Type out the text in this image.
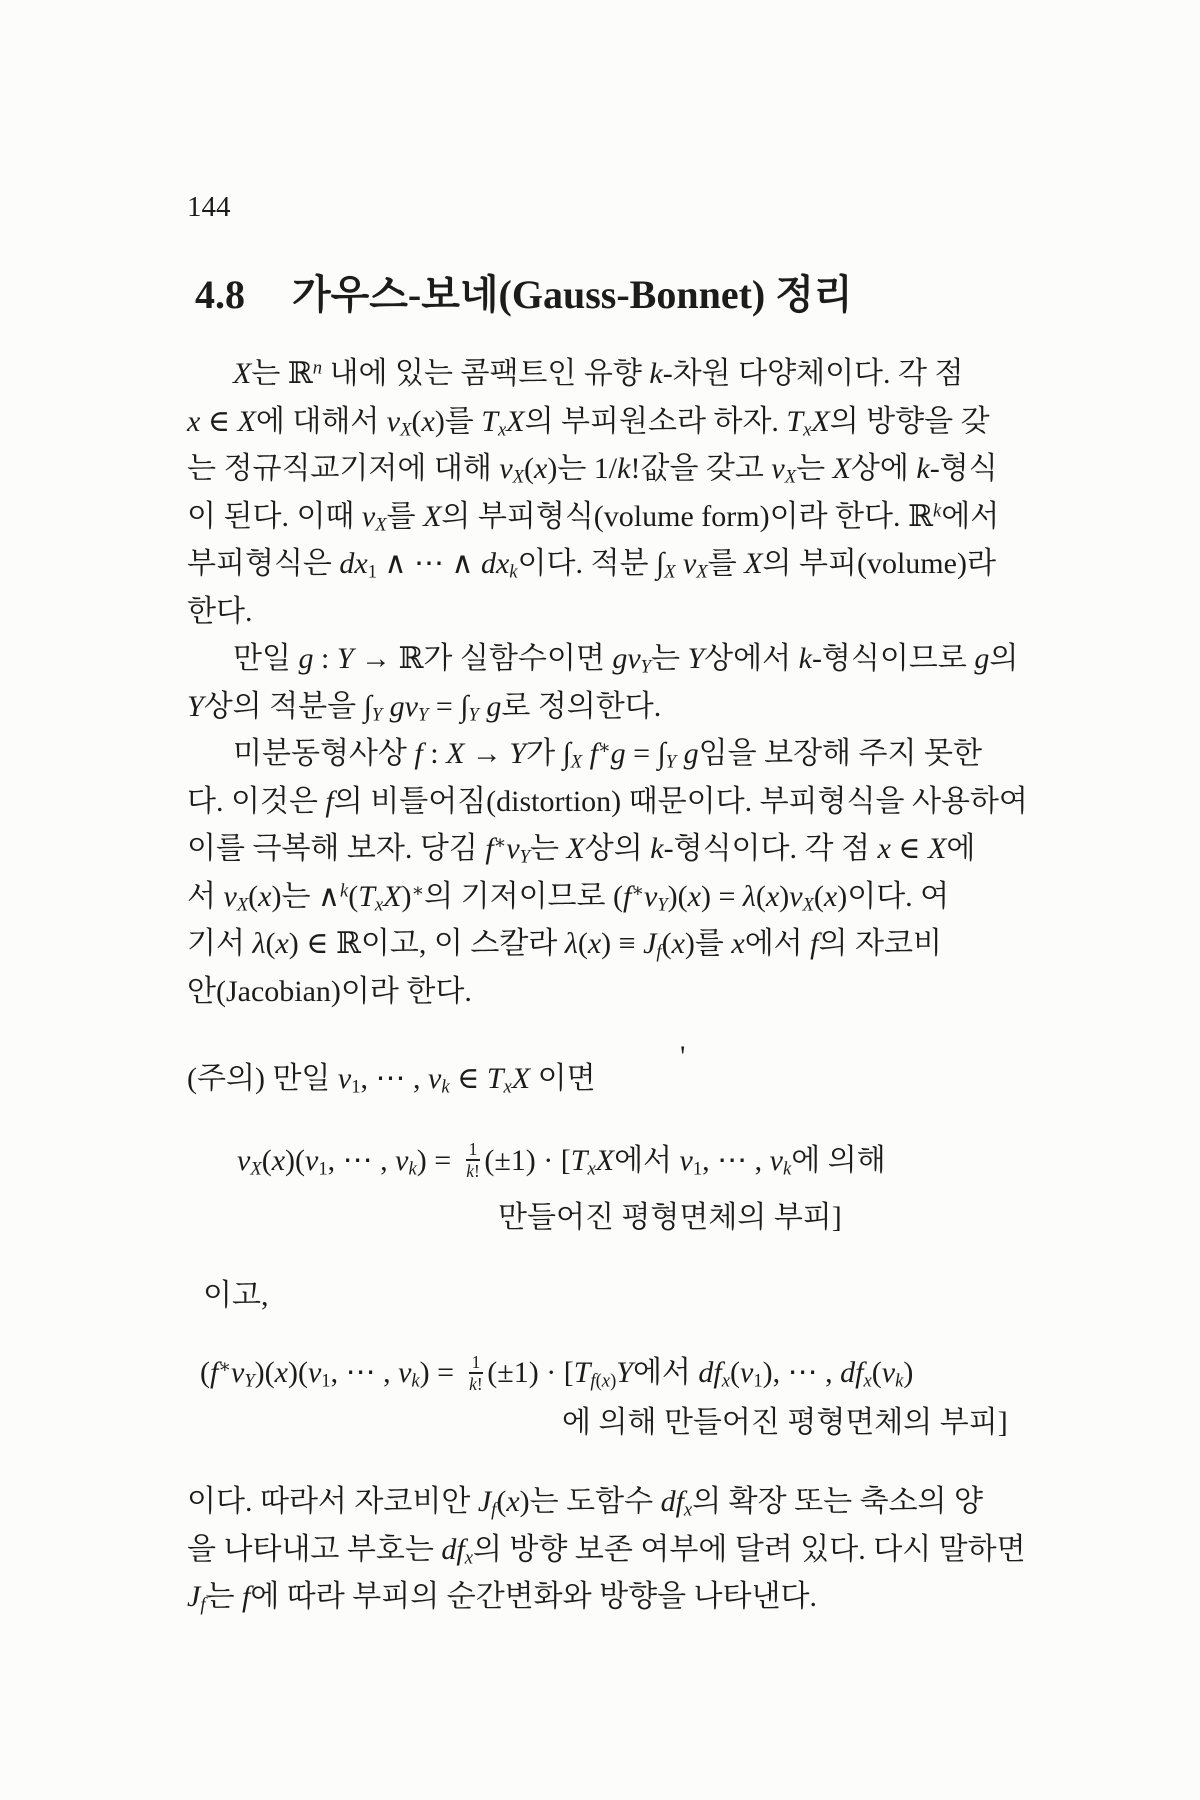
144
4.8 가우스-보네(Gauss-Bonnet) 정리
X는 ℝ$^n$ 내에 있는 콤팩트인 유향 k-차원 다양체이다. 각 점
x ∈ X에 대해서 $v_X(x)$를 $T_xX$의 부피원소라 하자. $T_xX$의 방향을 갖
는 정규직교기저에 대해 $v_X(x)$는 1/k!값을 갖고 $v_X$는 X상에 k-형식
이 된다. 이때 $v_X$를 X의 부피형식(volume form)이라 한다. ℝ$^k$에서
부피형식은 $dx_1$ ∧ ⋯ ∧ $dx_k$이다. 적분 $\int_X$ $v_X$를 X의 부피(volume)라
한다.
만일 g : Y → ℝ가 실함수이면 $gv_Y$는 Y상에서 k-형식이므로 g의
Y상의 적분을 $\int_Y$ $gv_Y = \int_Y$ g로 정의한다.
미분동형사상 f : X → Y가 $\int_X$ $f^∗g = \int_Y$ g임을 보장해 주지 못한
다. 이것은 f의 비틀어짐(distortion) 때문이다. 부피형식을 사용하여
이를 극복해 보자. 당김 $f^∗v_Y$는 X상의 k-형식이다. 각 점 x ∈ X에
서 $v_X(x)$는 $\wedge^k(T_xX)^∗$의 기저이므로 $(f^∗v_Y)(x) = \lambda(x)v_X(x)$이다. 여
기서 λ(x) ∈ ℝ이고, 이 스칼라 $\lambda(x) \equiv J_f(x)$를 x에서 f의 자코비
안(Jacobian)이라 한다.
(주의) 만일 $v_1$, ⋯ , $v_k$ ∈ $T_xX$ 이면
$v_X(x)(v_1$, ⋯ , $v_k) = \frac{1}{k!} (\pm 1) \cdot [T_xX$에서 $v_1$, ⋯ , $v_k$에 의해
만들어진 평형면체의 부피]
이고,
$(f^∗v_Y)(x)(v_1$, ⋯ , $v_k) = \frac{1}{k!} (\pm 1) \cdot [T_{f(x)}Y$에서 $df_x(v_1)$, ⋯ , $df_x(v_k)$
에 의해 만들어진 평형면체의 부피]
이다. 따라서 자코비안 $J_f(x)$는 도함수 $df_x$의 확장 또는 축소의 양
을 나타내고 부호는 $df_x$의 방향 보존 여부에 달려 있다. 다시 말하면
$J_f$는 f에 따라 부피의 순간변화와 방향을 나타낸다.
'
